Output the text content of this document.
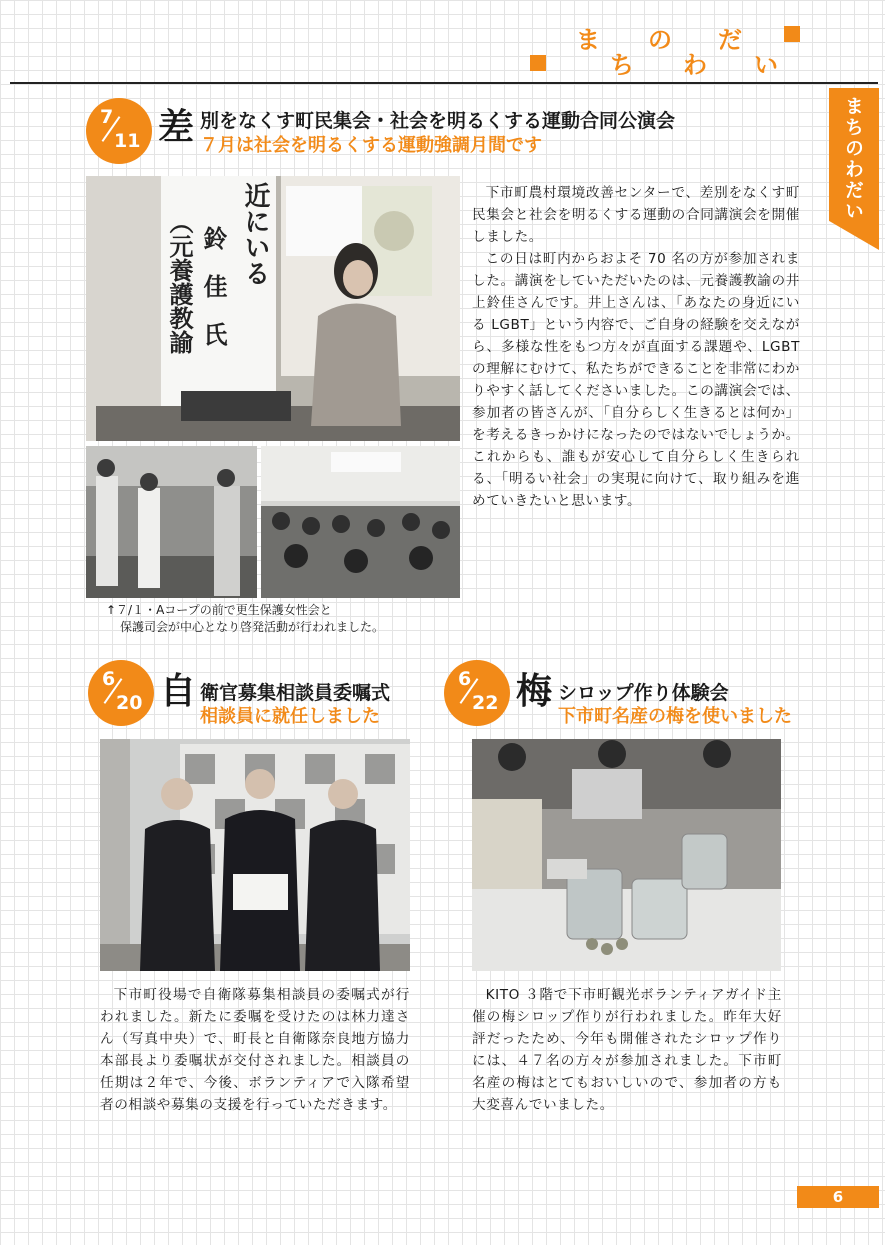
ま の だ
ち わ い
まちのわだい
7
11 差 別をなくす町民集会・社会を明るくする運動合同公演会
７月は社会を明るくする運動強調月間です
近にいる
（元養護教諭 鈴　佳　氏
↑７/１・Aコープの前で更生保護女性会と
保護司会が中心となり啓発活動が行われました。

下市町農村環境改善センターで、差別をなくす町民集会と社会を明るくする運動の合同講演会を開催しました。

この日は町内からおよそ 70 名の方が参加されました。講演をしていただいたのは、元養護教諭の井上鈴佳さんです。井上さんは、「あなたの身近にいる LGBT」という内容で、ご自身の経験を交えながら、多様な性をもつ方々が直面する課題や、LGBT の理解にむけて、私たちができることを非常にわかりやすく話してくださいました。この講演会では、参加者の皆さんが、「自分らしく生きるとは何か」を考えるきっかけになったのではないでしょうか。これからも、誰もが安心して自分らしく生きられる、「明るい社会」の実現に向けて、取り組みを進めていきたいと思います。

6
20 自 衛官募集相談員委嘱式
相談員に就任しました

下市町役場で自衛隊募集相談員の委嘱式が行われました。新たに委嘱を受けたのは林力達さん（写真中央）で、町長と自衛隊奈良地方協力本部長より委嘱状が交付されました。相談員の任期は２年で、今後、ボランティアで入隊希望者の相談や募集の支援を行っていただきます。

6
22 梅 シロップ作り体験会
下市町名産の梅を使いました

KITO ３階で下市町観光ボランティアガイド主催の梅シロップ作りが行われました。昨年大好評だったため、今年も開催されたシロップ作りには、４７名の方々が参加されました。下市町名産の梅はとてもおいしいので、参加者の方も大変喜んでいました。

6
